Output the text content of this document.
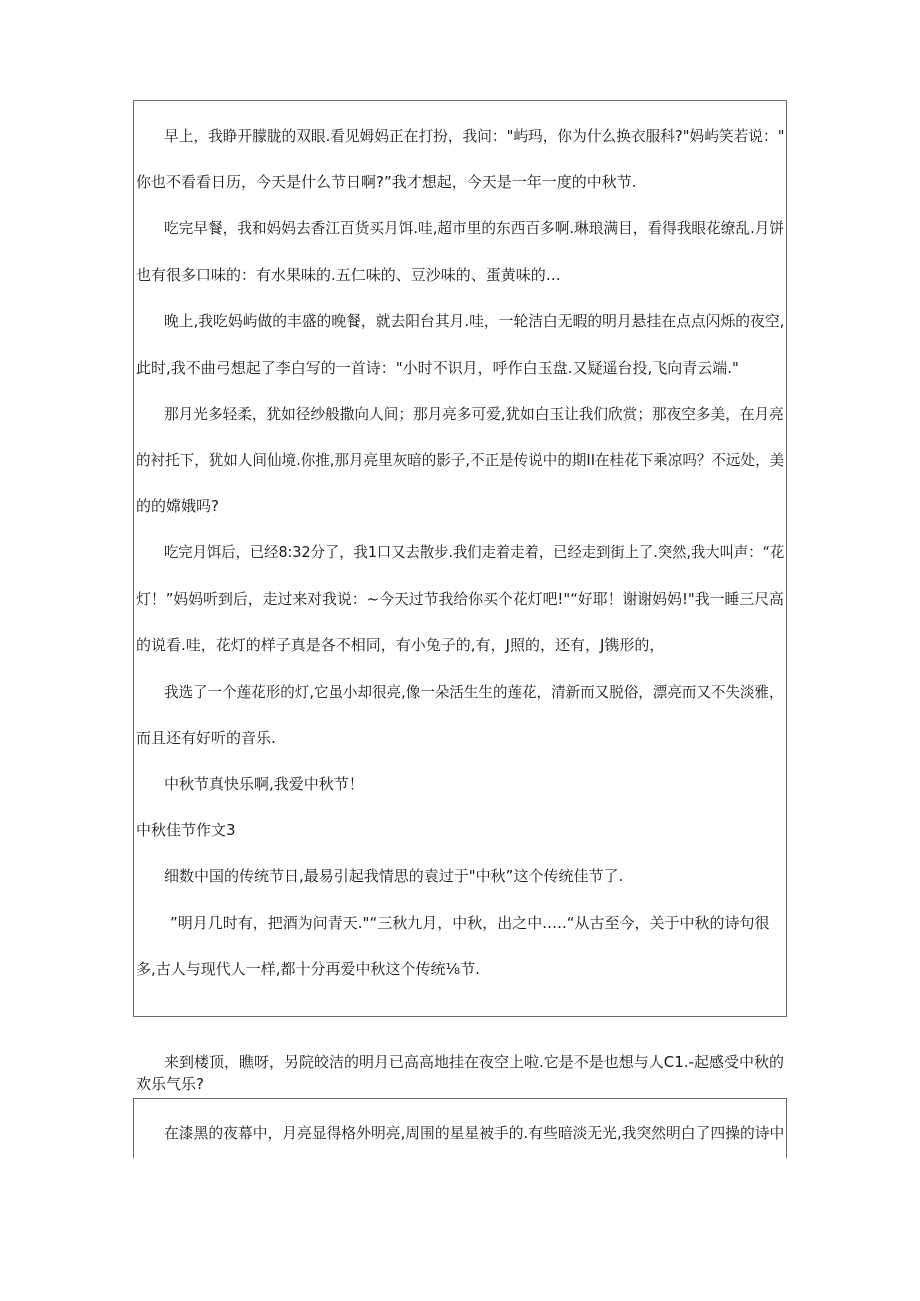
早上，我睁开朦胧的双眼.看见姆妈正在打扮，我问："屿玛，你为什么换衣服科?"妈屿笑若说："

你也不看看日历，今天是什么节日啊?”我才想起，今天是一年一度的中秋节.

吃完早餐，我和妈妈去香江百货买月饵.哇,超市里的东西百多啊.琳琅满目，看得我眼花缭乱.月饼

也有很多口味的：有水果味的.五仁味的、豆沙味的、蛋黄味的…

晚上,我吃妈屿做的丰盛的晚餐，就去阳台其月.哇，一轮洁白无暇的明月悬挂在点点闪烁的夜空,

此时,我不曲弓想起了李白写的一首诗："小时不识月，呼作白玉盘.又疑遥台投,飞向青云端."

那月光多轻柔，犹如径纱般撒向人间；那月亮多可爱,犹如白玉让我们欣赏；那夜空多美，在月亮

的衬托下，犹如人间仙境.你推,那月亮里灰暗的影子,不正是传说中的期II在桂花下乘凉吗？不远处，美

的的嫦娥吗?

吃完月饵后，已经8:32分了，我1口又去散步.我们走着走着，已经走到街上了.突然,我大叫声：“花

灯！”妈妈听到后，走过来对我说：~今天过节我给你买个花灯吧!"“好耶！谢谢妈妈!"我一睡三尺高

的说看.哇，花灯的样子真是各不相同，有小兔子的,有，J照的，还有，J镌形的，

我选了一个莲花形的灯,它虽小却很亮,像一朵活生生的莲花，清新而又脱俗，漂亮而又不失淡雅，

而且还有好听的音乐.

中秋节真快乐啊,我爱中秋节！

中秋佳节作文3

细数中国的传统节日,最易引起我情思的袁过于"中秋”这个传统佳节了.

”明月几时有，把酒为问青天."“三秋九月，中秋，出之中.….“从古至今，关于中秋的诗句很

多,古人与现代人一样,都十分再爱中秋这个传统⅛节.

来到楼顶，瞧呀，另院皎洁的明月已高高地挂在夜空上啦.它是不是也想与人C1.-起感受中秋的欢乐气乐?

在漆黑的夜幕中，月亮显得格外明亮,周围的星星被手的.有些暗淡无光,我突然明白了四操的诗中
